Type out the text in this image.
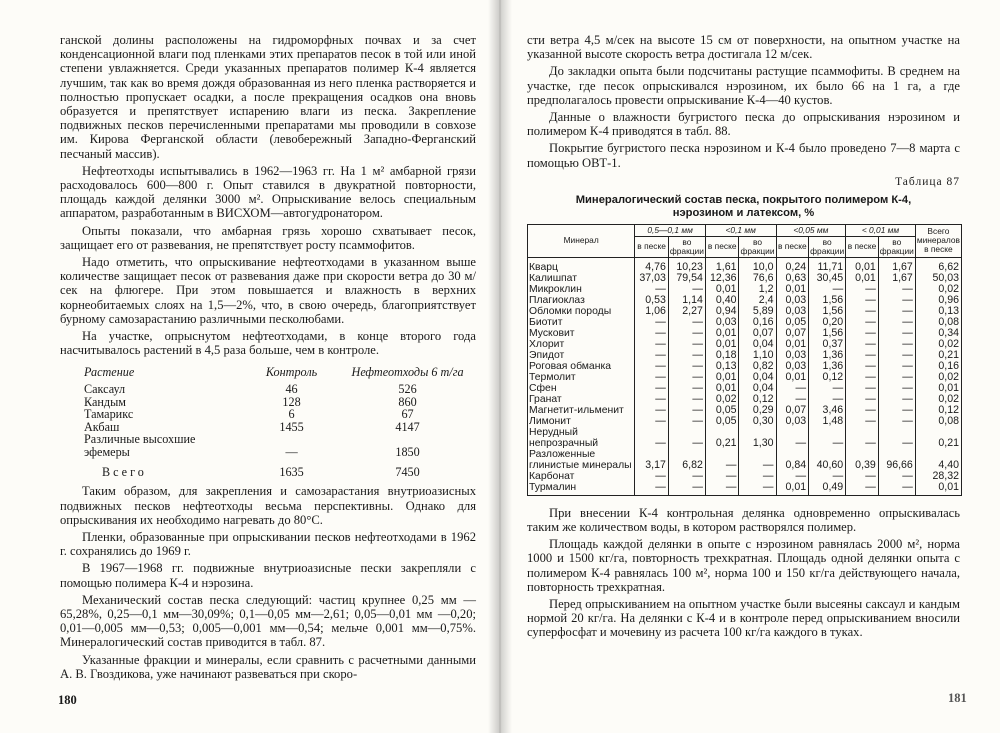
ганской долины расположены на гидроморфных почвах и за счет конденсационной влаги под пленками этих препаратов песок в той или иной степени увлажняется. Среди указанных препаратов полимер К-4 является лучшим, так как во время дождя образованная из него пленка растворяется и полностью пропускает осадки, а после прекращения осадков она вновь образуется и препятствует испарению влаги из песка. Закрепление подвижных песков перечисленными препаратами мы проводили в совхозе им. Кирова Ферганской области (левобережный Западно-Ферганский песчаный массив).

Нефтеотходы испытывались в 1962—1963 гг. На 1 м² амбарной грязи расходовалось 600—800 г. Опыт ставился в двукратной повторности, площадь каждой делянки 3000 м². Опрыскивание велось специальным аппаратом, разработанным в ВИСХОМ—автогудронатором.

Опыты показали, что амбарная грязь хорошо схватывает песок, защищает его от развевания, не препятствует росту псаммофитов.

Надо отметить, что опрыскивание нефтеотходами в указанном выше количестве защищает песок от развевания даже при скорости ветра до 30 м/сек на флюгере. При этом повышается и влажность в верхних корнеобитаемых слоях на 1,5—2%, что, в свою очередь, благоприятствует бурному самозарастанию различными песколюбами.

На участке, опрыснутом нефтеотходами, в конце второго года насчитывалось растений в 4,5 раза больше, чем в контроле.

Растение	Контроль	Нефтеотходы 6 т/га
Саксаул	46	526
Кандым	128	860
Тамарикс	6	67
Акбаш	1455	4147
Различные высохшие эфемеры	—	1850
Всего	1635	7450

Таким образом, для закрепления и самозарастания внутриоазисных подвижных песков нефтеотходы весьма перспективны. Однако для опрыскивания их необходимо нагревать до 80°С.

Пленки, образованные при опрыскивании песков нефтеотходами в 1962 г. сохранялись до 1969 г.

В 1967—1968 гг. подвижные внутриоазисные пески закрепляли с помощью полимера К-4 и нэрозина.

Механический состав песка следующий: частиц крупнее 0,25 мм —65,28%, 0,25—0,1 мм—30,09%; 0,1—0,05 мм—2,61; 0,05—0,01 мм —0,20; 0,01—0,005 мм—0,53; 0,005—0,001 мм—0,54; мельче 0,001 мм—0,75%. Минералогический состав приводится в табл. 87.

Указанные фракции и минералы, если сравнить с расчетными данными А. В. Гвоздикова, уже начинают развеваться при скоро-

180

сти ветра 4,5 м/сек на высоте 15 см от поверхности, на опытном участке на указанной высоте скорость ветра достигала 12 м/сек.

До закладки опыта были подсчитаны растущие псаммофиты. В среднем на участке, где песок опрыскивался нэрозином, их было 66 на 1 га, а где предполагалось провести опрыскивание К-4—40 кустов.

Данные о влажности бугристого песка до опрыскивания нэрозином и полимером К-4 приводятся в табл. 88.

Покрытие бугристого песка нэрозином и К-4 было проведено 7—8 марта с помощью ОВТ-1.

Таблица 87
Минералогический состав песка, покрытого полимером К-4,
нэрозином и латексом, %
Минерал	0,5—0,1 мм		<0,1 мм		<0,05 мм		< 0,01 мм		Всего минералов в песке
	в песке	во фракции	в песке	во фракции	в песке	во фракции	в песке	во фракции	
Кварц	4,76	10,23	1,61	10,0	0,24	11,71	0,01	1,67	6,62
Калишпат	37,03	79,54	12,36	76,6	0,63	30,45	0,01	1,67	50,03
Микроклин	—	—	0,01	1,2	0,01	—	—	—	0,02
Плагиоклаз	0,53	1,14	0,40	2,4	0,03	1,56	—	—	0,96
Обломки породы	1,06	2,27	0,94	5,89	0,03	1,56	—	—	0,13
Биотит	—	—	0,03	0,16	0,05	0,20	—	—	0,08
Мусковит	—	—	0,01	0,07	0,07	1,56	—	—	0,34
Хлорит	—	—	0,01	0,04	0,01	0,37	—	—	0,02
Эпидот	—	—	0,18	1,10	0,03	1,36	—	—	0,21
Роговая обманка	—	—	0,13	0,82	0,03	1,36	—	—	0,16
Термолит	—	—	0,01	0,04	0,01	0,12	—	—	0,02
Сфен	—	—	0,01	0,04	—	—	—	—	0,01
Гранат	—	—	0,02	0,12	—	—	—	—	0,02
Магнетит-ильменит	—	—	0,05	0,29	0,07	3,46	—	—	0,12
Лимонит	—	—	0,05	0,30	0,03	1,48	—	—	0,08
Нерудный непрозрачный	—	—	0,21	1,30	—	—	—	—	0,21
Разложенные глинистые минералы	3,17	6,82	—	—	0,84	40,60	0,39	96,66	4,40
Карбонат	—	—	—	—	—	—	—	—	28,32
Турмалин	—	—	—	—	0,01	0,49	—	—	0,01

При внесении К-4 контрольная делянка одновременно опрыскивалась таким же количеством воды, в котором растворялся полимер.

Площадь каждой делянки в опыте с нэрозином равнялась 2000 м², норма 1000 и 1500 кг/га, повторность трехкратная. Площадь одной делянки опыта с полимером К-4 равнялась 100 м², норма 100 и 150 кг/га действующего начала, повторность трехкратная.

Перед опрыскиванием на опытном участке были высеяны саксаул и кандым нормой 20 кг/га. На делянки с К-4 и в контроле перед опрыскиванием вносили суперфосфат и мочевину из расчета 100 кг/га каждого в туках.

181
